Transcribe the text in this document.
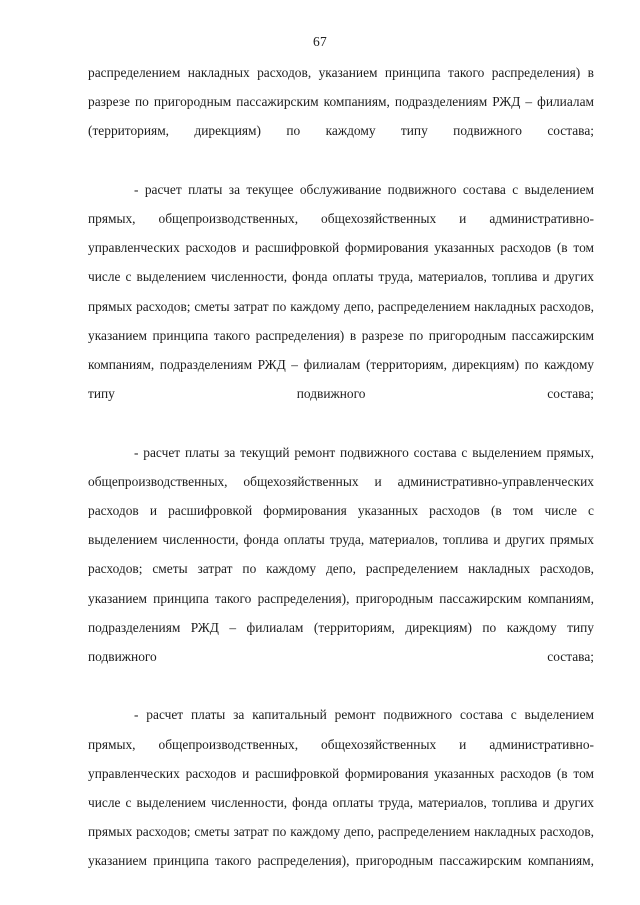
67

распределением накладных расходов, указанием принципа такого распределения) в разрезе по пригородным пассажирским компаниям, подразделениям РЖД – филиалам (территориям, дирекциям) по каждому типу подвижного состава;

- расчет платы за текущее обслуживание подвижного состава с выделением прямых, общепроизводственных, общехозяйственных и административно-управленческих расходов и расшифровкой формирования указанных расходов (в том числе с выделением численности, фонда оплаты труда, материалов, топлива и других прямых расходов; сметы затрат по каждому депо, распределением накладных расходов, указанием принципа такого распределения) в разрезе по пригородным пассажирским компаниям, подразделениям РЖД – филиалам (территориям, дирекциям) по каждому типу подвижного состава;

- расчет платы за текущий ремонт подвижного состава с выделением прямых, общепроизводственных, общехозяйственных и административно-управленческих расходов и расшифровкой формирования указанных расходов (в том числе с выделением численности, фонда оплаты труда, материалов, топлива и других прямых расходов; сметы затрат по каждому депо, распределением накладных расходов, указанием принципа такого распределения), пригородным пассажирским компаниям, подразделениям РЖД – филиалам (территориям, дирекциям) по каждому типу подвижного состава;

- расчет платы за капитальный ремонт подвижного состава с выделением прямых, общепроизводственных, общехозяйственных и административно-управленческих расходов и расшифровкой формирования указанных расходов (в том числе с выделением численности, фонда оплаты труда, материалов, топлива и других прямых расходов; сметы затрат по каждому депо, распределением накладных расходов, указанием принципа такого распределения), пригородным пассажирским компаниям,
